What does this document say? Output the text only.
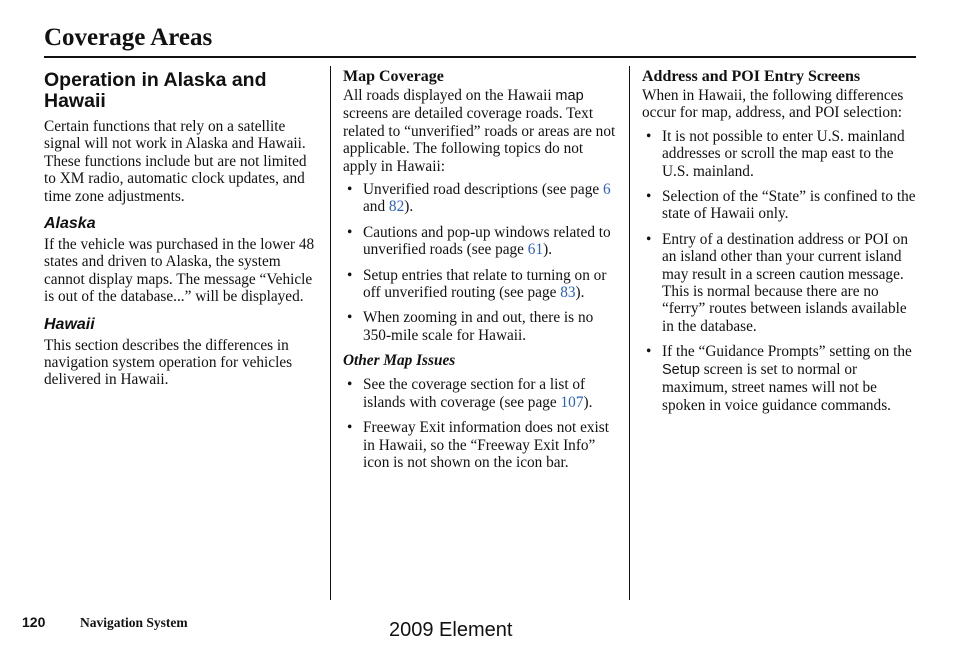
Coverage Areas
Operation in Alaska and Hawaii

Certain functions that rely on a satellite signal will not work in Alaska and Hawaii. These functions include but are not limited to XM radio, automatic clock updates, and time zone adjustments.

Alaska

If the vehicle was purchased in the lower 48 states and driven to Alaska, the system cannot display maps. The message “Vehicle is out of the database...” will be displayed.

Hawaii

This section describes the differences in navigation system operation for vehicles delivered in Hawaii.

Map Coverage

All roads displayed on the Hawaii map screens are detailed coverage roads. Text related to “unverified” roads or areas are not applicable. The following topics do not apply in Hawaii:

• Unverified road descriptions (see page 6 and 82).
• Cautions and pop-up windows related to unverified roads (see page 61).
• Setup entries that relate to turning on or off unverified routing (see page 83).
• When zooming in and out, there is no 350-mile scale for Hawaii.
Other Map Issues
• See the coverage section for a list of islands with coverage (see page 107).
• Freeway Exit information does not exist in Hawaii, so the “Freeway Exit Info” icon is not shown on the icon bar.
Address and POI Entry Screens

When in Hawaii, the following differences occur for map, address, and POI selection:

• It is not possible to enter U.S. mainland addresses or scroll the map east to the U.S. mainland.
• Selection of the “State” is confined to the state of Hawaii only.
• Entry of a destination address or POI on an island other than your current island may result in a screen caution message. This is normal because there are no “ferry” routes between islands available in the database.
• If the “Guidance Prompts” setting on the Setup screen is set to normal or maximum, street names will not be spoken in voice guidance commands.
120	Navigation System	2009 Element
